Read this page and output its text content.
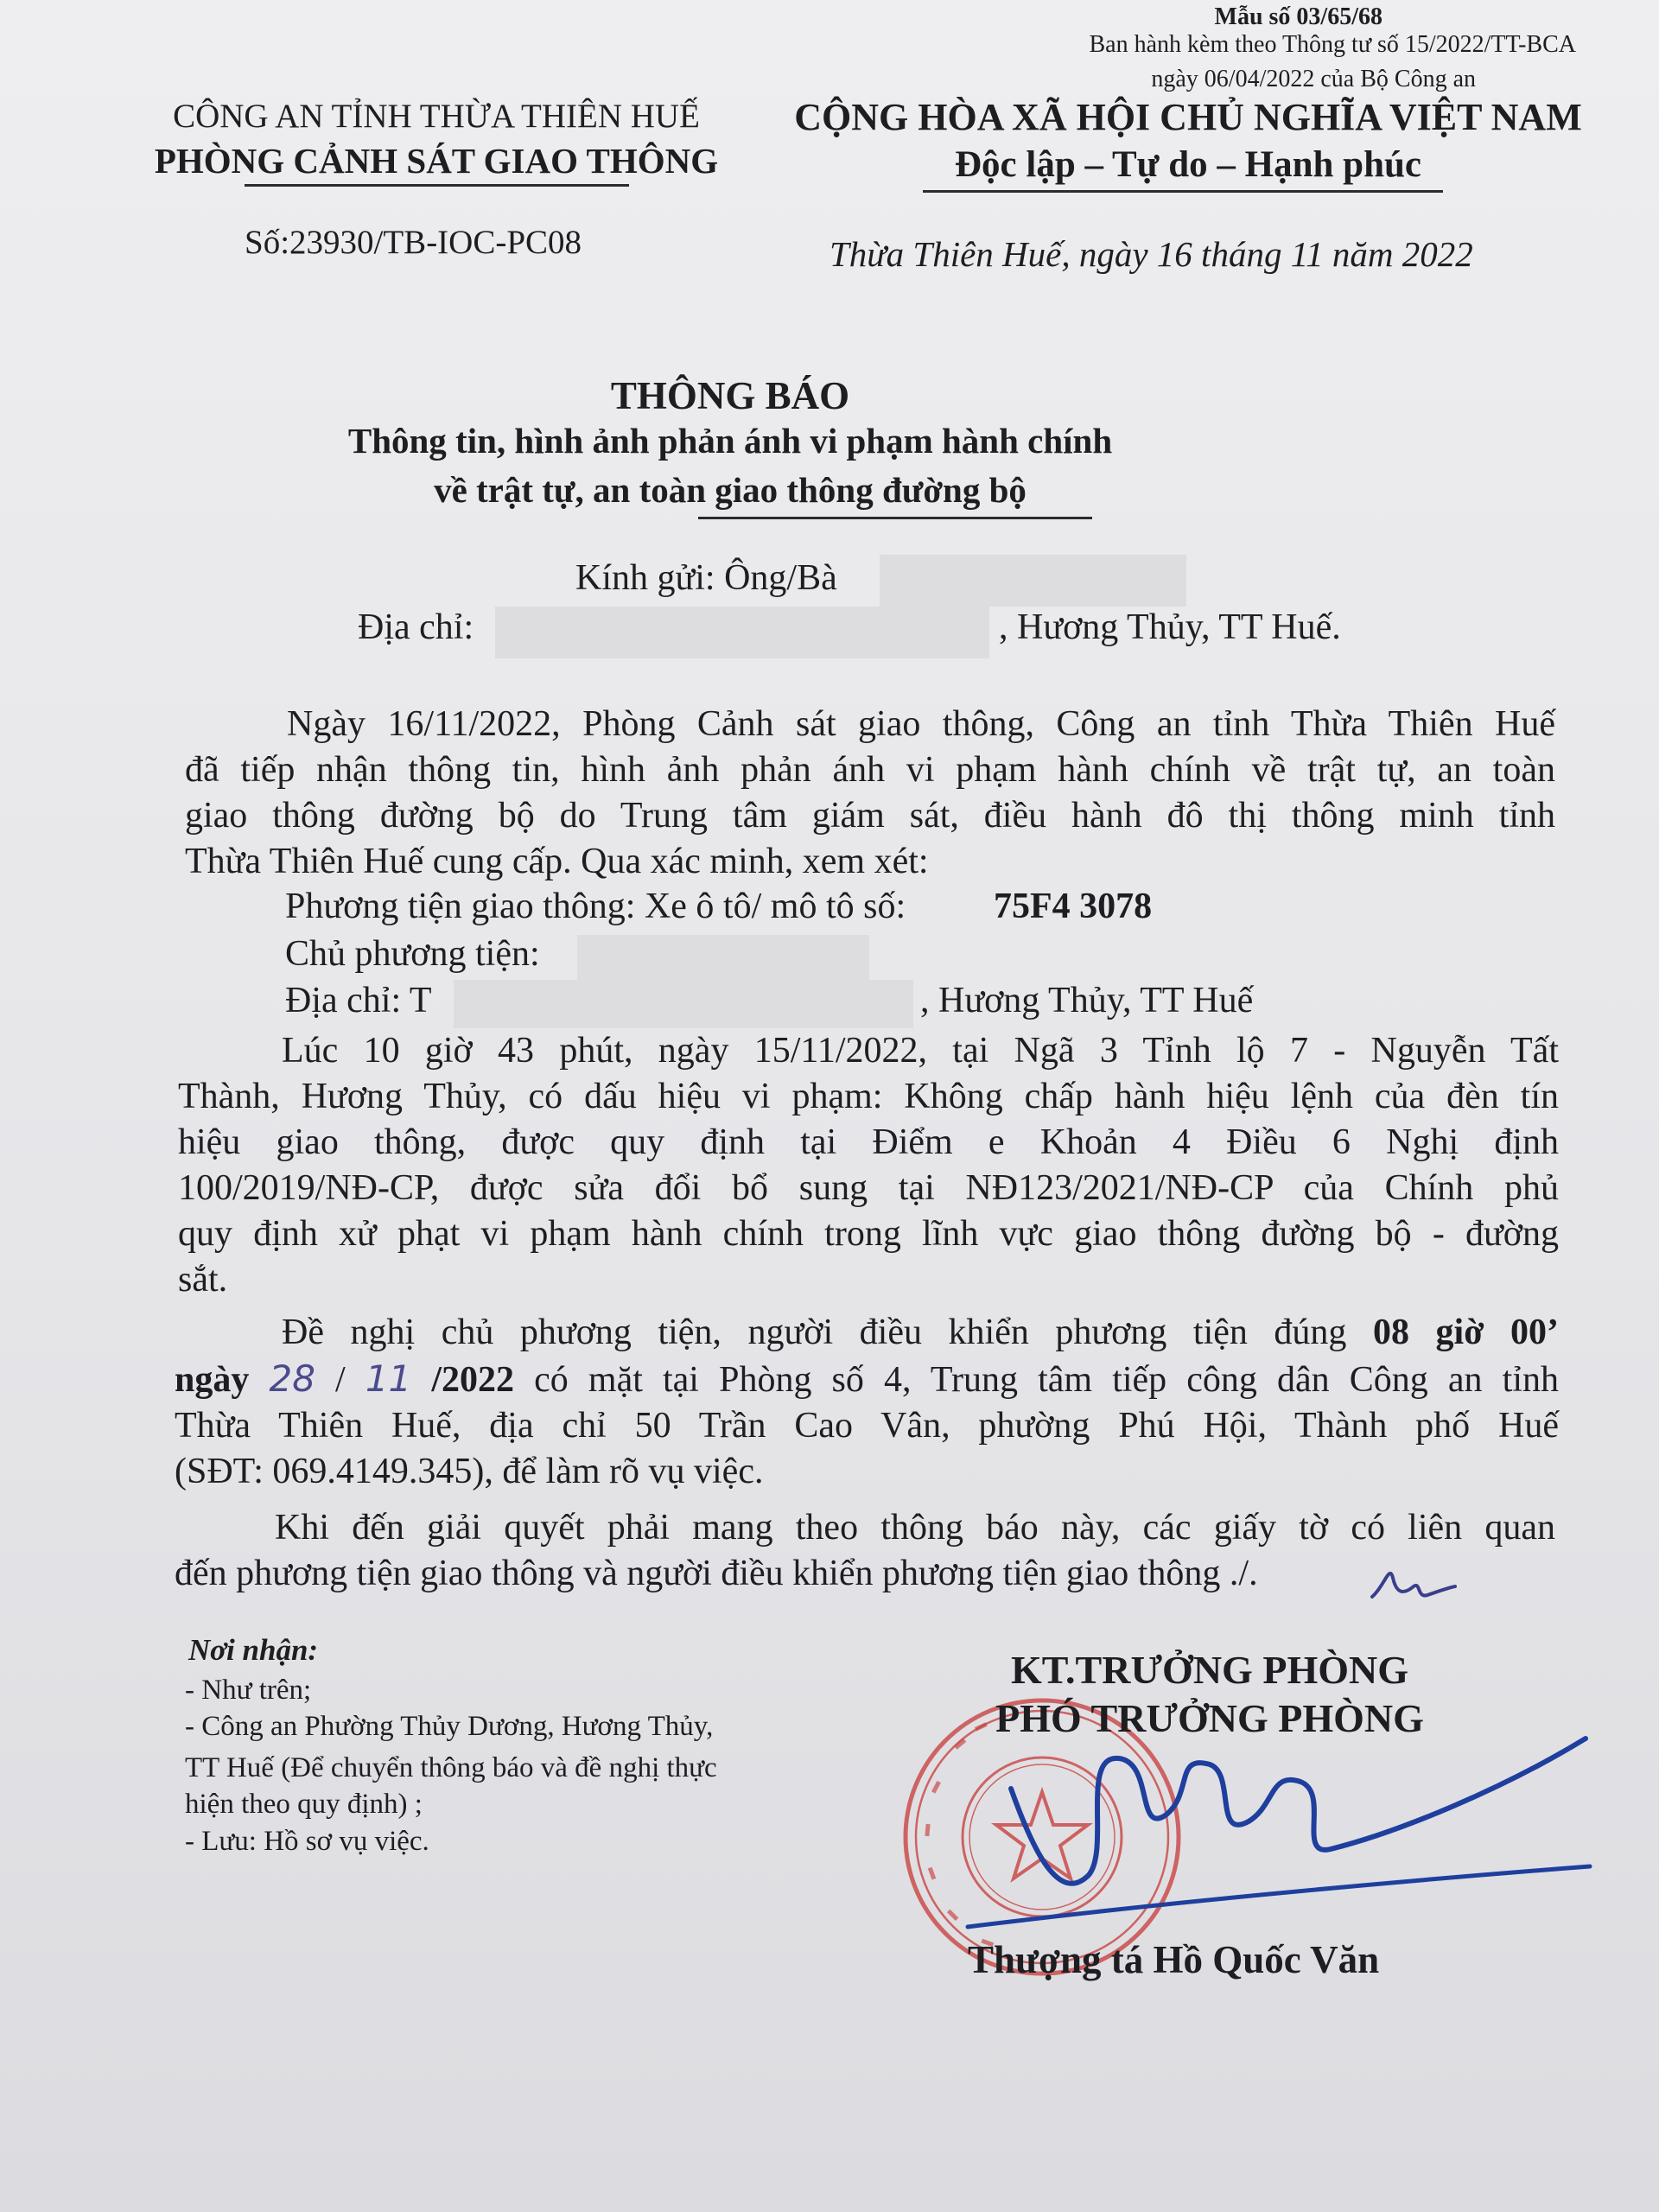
Mẫu số 03/65/68
Ban hành kèm theo Thông tư số 15/2022/TT-BCA
ngày 06/04/2022 của Bộ Công an
CÔNG AN TỈNH THỪA THIÊN HUẾ
PHÒNG CẢNH SÁT GIAO THÔNG
Số:23930/TB-IOC-PC08
CỘNG HÒA XÃ HỘI CHỦ NGHĨA VIỆT NAM
Độc lập – Tự do – Hạnh phúc
Thừa Thiên Huế, ngày 16 tháng 11 năm 2022
THÔNG BÁO
Thông tin, hình ảnh phản ánh vi phạm hành chính
về trật tự, an toàn giao thông đường bộ
Kính gửi: Ông/Bà
Địa chỉ:	, Hương Thủy, TT Huế.
Ngày 16/11/2022, Phòng Cảnh sát giao thông, Công an tỉnh Thừa Thiên Huế
đã tiếp nhận thông tin, hình ảnh phản ánh vi phạm hành chính về trật tự, an toàn
giao thông đường bộ do Trung tâm giám sát, điều hành đô thị thông minh tỉnh
Thừa Thiên Huế cung cấp. Qua xác minh, xem xét:
Phương tiện giao thông: Xe ô tô/ mô tô số: 75F4 3078
Chủ phương tiện:
Địa chỉ: T	, Hương Thủy, TT Huế
Lúc 10 giờ 43 phút, ngày 15/11/2022, tại Ngã 3 Tỉnh lộ 7 - Nguyễn Tất
Thành, Hương Thủy, có dấu hiệu vi phạm: Không chấp hành hiệu lệnh của đèn tín
hiệu giao thông, được quy định tại Điểm e Khoản 4 Điều 6 Nghị định
100/2019/NĐ-CP, được sửa đổi bổ sung tại NĐ123/2021/NĐ-CP của Chính phủ
quy định xử phạt vi phạm hành chính trong lĩnh vực giao thông đường bộ - đường
sắt.
Đề nghị chủ phương tiện, người điều khiển phương tiện đúng 08 giờ 00’
ngày 28 / 11 /2022 có mặt tại Phòng số 4, Trung tâm tiếp công dân Công an tỉnh
Thừa Thiên Huế, địa chỉ 50 Trần Cao Vân, phường Phú Hội, Thành phố Huế
(SĐT: 069.4149.345), để làm rõ vụ việc.
Khi đến giải quyết phải mang theo thông báo này, các giấy tờ có liên quan
đến phương tiện giao thông và người điều khiển phương tiện giao thông ./.
Nơi nhận:
- Như trên;
- Công an Phường Thủy Dương, Hương Thủy,
TT Huế (Để chuyển thông báo và đề nghị thực
hiện theo quy định) ;
- Lưu: Hồ sơ vụ việc.
KT.TRƯỞNG PHÒNG
PHÓ TRƯỞNG PHÒNG
Thượng tá Hồ Quốc Văn
